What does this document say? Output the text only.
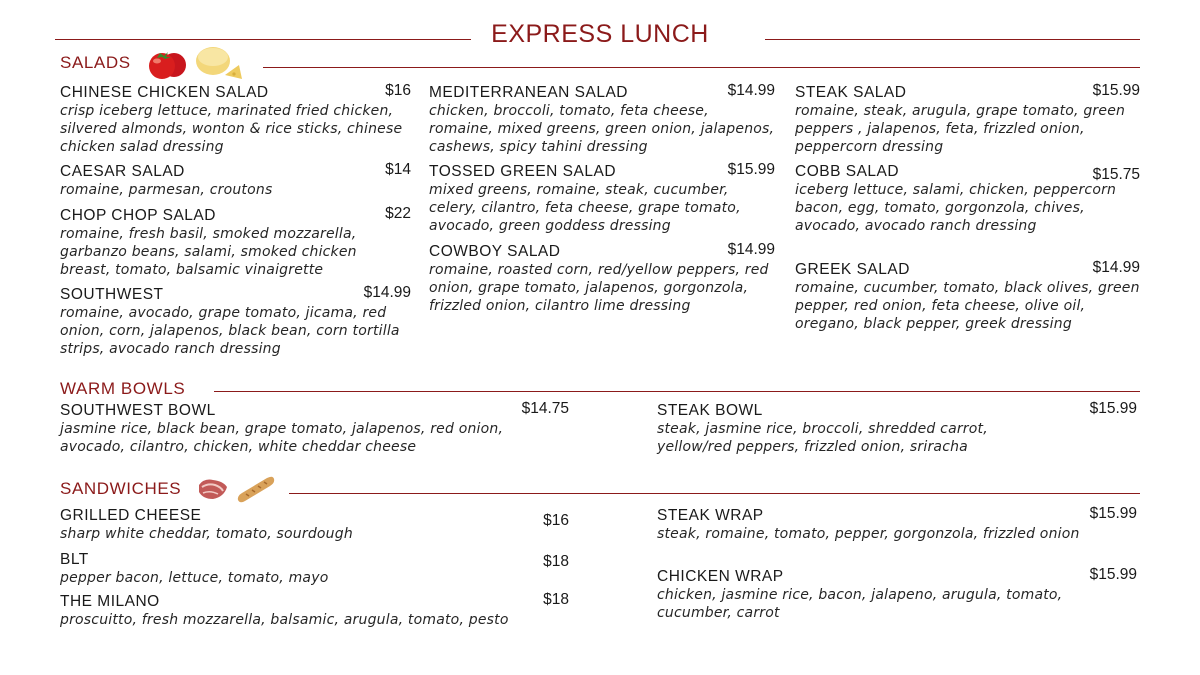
EXPRESS LUNCH
SALADS
CHINESE CHICKEN SALAD	$16
crisp iceberg lettuce, marinated fried chicken, silvered almonds, wonton & rice sticks, chinese chicken salad dressing
CAESAR SALAD	$14
romaine, parmesan, croutons
CHOP CHOP SALAD	$22
romaine, fresh basil, smoked mozzarella, garbanzo beans, salami, smoked chicken breast, tomato, balsamic vinaigrette
SOUTHWEST	$14.99
romaine, avocado, grape tomato, jicama, red onion, corn, jalapenos, black bean, corn tortilla strips, avocado ranch dressing
MEDITERRANEAN SALAD	$14.99
chicken, broccoli, tomato, feta cheese, romaine, mixed greens, green onion, jalapenos, cashews, spicy tahini dressing
TOSSED GREEN SALAD	$15.99
mixed greens, romaine, steak, cucumber, celery, cilantro, feta cheese, grape tomato, avocado, green goddess dressing
COWBOY SALAD	$14.99
romaine, roasted corn, red/yellow peppers, red onion, grape tomato, jalapenos, gorgonzola, frizzled onion, cilantro lime dressing
STEAK SALAD	$15.99
romaine, steak, arugula, grape tomato, green peppers , jalapenos, feta, frizzled onion, peppercorn dressing
COBB SALAD	$15.75
iceberg lettuce, salami, chicken, peppercorn bacon, egg, tomato, gorgonzola, chives, avocado, avocado ranch dressing
GREEK SALAD	$14.99
romaine, cucumber, tomato, black olives, green pepper, red onion, feta cheese, olive oil, oregano, black pepper, greek dressing
WARM BOWLS
SOUTHWEST BOWL	$14.75
jasmine rice, black bean, grape tomato, jalapenos, red onion, avocado, cilantro, chicken, white cheddar cheese
STEAK BOWL	$15.99
steak, jasmine rice, broccoli, shredded carrot, yellow/red peppers, frizzled onion, sriracha
SANDWICHES
GRILLED CHEESE	$16
sharp white cheddar, tomato, sourdough
BLT	$18
pepper bacon, lettuce, tomato, mayo
THE MILANO	$18
proscuitto, fresh mozzarella, balsamic, arugula, tomato, pesto
STEAK WRAP	$15.99
steak, romaine, tomato, pepper, gorgonzola, frizzled onion
CHICKEN WRAP	$15.99
chicken, jasmine rice, bacon, jalapeno, arugula, tomato, cucumber, carrot
